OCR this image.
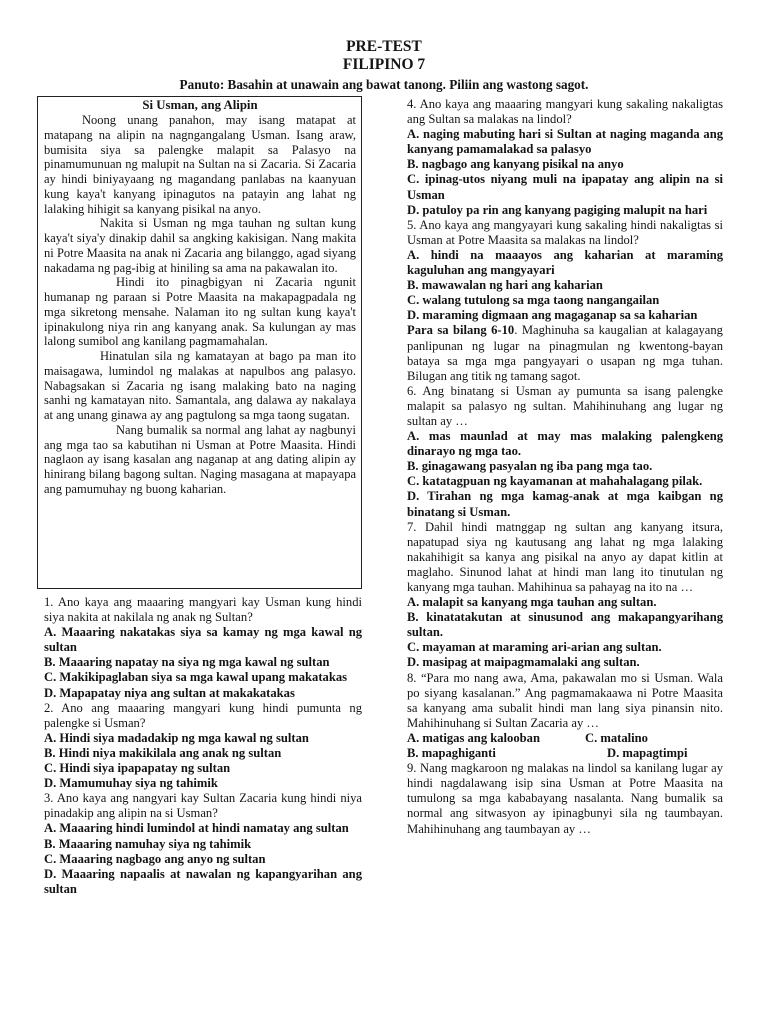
PRE-TEST
FILIPINO 7
Panuto: Basahin at unawain ang bawat tanong. Piliin ang wastong sagot.
Si Usman, ang Alipin

Noong unang panahon, may isang matapat at matapang na alipin na nagngangalang Usman. Isang araw, bumisita siya sa palengke malapit sa Palasyo na pinamumunuan ng malupit na Sultan na si Zacaria. Si Zacaria ay hindi biniyayaang ng magandang panlabas na kaanyuan kung kaya't kanyang ipinagutos na patayin ang lahat ng lalaking hihigit sa kanyang pisikal na anyo.

Nakita si Usman ng mga tauhan ng sultan kung kaya't siya'y dinakip dahil sa angking kakisigan. Nang makita ni Potre Maasita na anak ni Zacaria ang bilanggo, agad siyang nakadama ng pag-ibig at hiniling sa ama na pakawalan ito.

Hindi ito pinagbigyan ni Zacaria ngunit humanap ng paraan si Potre Maasita na makapagpadala ng mga sikretong mensahe. Nalaman ito ng sultan kung kaya't ipinakulong niya rin ang kanyang anak. Sa kulungan ay mas lalong sumibol ang kanilang pagmamahalan.

Hinatulan sila ng kamatayan at bago pa man ito maisagawa, lumindol ng malakas at napulbos ang palasyo. Nabagsakan si Zacaria ng isang malaking bato na naging sanhi ng kamatayan nito. Samantala, ang dalawa ay nakalaya at ang unang ginawa ay ang pagtulong sa mga taong sugatan.

Nang bumalik sa normal ang lahat ay nagbunyi ang mga tao sa kabutihan ni Usman at Potre Maasita. Hindi naglaon ay isang kasalan ang naganap at ang dating alipin ay hinirang bilang bagong sultan. Naging masagana at mapayapa ang pamumuhay ng buong kaharian.

1. Ano kaya ang maaaring mangyari kay Usman kung hindi siya nakita at nakilala ng anak ng Sultan?
A. Maaaring nakatakas siya sa kamay ng mga kawal ng sultan
B. Maaaring napatay na siya ng mga kawal ng sultan
C. Makikipaglaban siya sa mga kawal upang makatakas
D. Mapapatay niya ang sultan at makakatakas
2. Ano ang maaaring mangyari kung hindi pumunta ng palengke si Usman?
A. Hindi siya madadakip ng mga kawal ng sultan
B. Hindi niya makikilala ang anak ng sultan
C. Hindi siya ipapapatay ng sultan
D. Mamumuhay siya ng tahimik
3. Ano kaya ang nangyari kay Sultan Zacaria kung hindi niya pinadakip ang alipin na si Usman?
A. Maaaring hindi lumindol at hindi namatay ang sultan
B. Maaaring namuhay siya ng tahimik
C. Maaaring nagbago ang anyo ng sultan
D. Maaaring napaalis at nawalan ng kapangyarihan ang sultan
4. Ano kaya ang maaaring mangyari kung sakaling nakaligtas ang Sultan sa malakas na lindol?
A. naging mabuting hari si Sultan at naging maganda ang kanyang pamamalakad sa palasyo
B. nagbago ang kanyang pisikal na anyo
C. ipinag-utos niyang muli na ipapatay ang alipin na si Usman
D. patuloy pa rin ang kanyang pagiging malupit na hari
5. Ano kaya ang mangyayari kung sakaling hindi nakaligtas si Usman at Potre Maasita sa malakas na lindol?
A. hindi na maaayos ang kaharian at maraming kaguluhan ang mangyayari
B. mawawalan ng hari ang kaharian
C. walang tutulong sa mga taong nangangailan
D. maraming digmaan ang magaganap sa sa kaharian
Para sa bilang 6-10. Maghinuha sa kaugalian at kalagayang panlipunan ng lugar na pinagmulan ng kwentong-bayan bataya sa mga mga pangyayari o usapan ng mga tuhan. Bilugan ang titik ng tamang sagot.
6. Ang binatang si Usman ay pumunta sa isang palengke malapit sa palasyo ng sultan. Mahihinuhang ang lugar ng sultan ay …
A. mas maunlad at may mas malaking palengkeng dinarayo ng mga tao.
B. ginagawang pasyalan ng iba pang mga tao.
C. katatagpuan ng kayamanan at mahahalagang pilak.
D. Tirahan ng mga kamag-anak at mga kaibgan ng binatang si Usman.
7. Dahil hindi matnggap ng sultan ang kanyang itsura, napatupad siya ng kautusang ang lahat ng mga lalaking nakahihigit sa kanya ang pisikal na anyo ay dapat kitlin at maglaho. Sinunod lahat at hindi man lang ito tinutulan ng kanyang mga tauhan. Mahihinua sa pahayag na ito na …
A. malapit sa kanyang mga tauhan ang sultan.
B. kinatatakutan at sinusunod ang makapangyarihang sultan.
C. mayaman at maraming ari-arian ang sultan.
D. masipag at maipagmamalaki ang sultan.
8. “Para mo nang awa, Ama, pakawalan mo si Usman. Wala po siyang kasalanan.” Ang pagmamakaawa ni Potre Maasita sa kanyang ama subalit hindi man lang siya pinansin nito. Mahihinuhang si Sultan Zacaria ay …
A. matigas ang kalooban	C. matalino
B. mapaghiganti	D. mapagtimpi
9. Nang magkaroon ng malakas na lindol sa kanilang lugar ay hindi nagdalawang isip sina Usman at Potre Maasita na tumulong sa mga kababayang nasalanta. Nang bumalik sa normal ang sitwasyon ay ipinagbunyi sila ng taumbayan. Mahihinuhang ang taumbayan ay …
